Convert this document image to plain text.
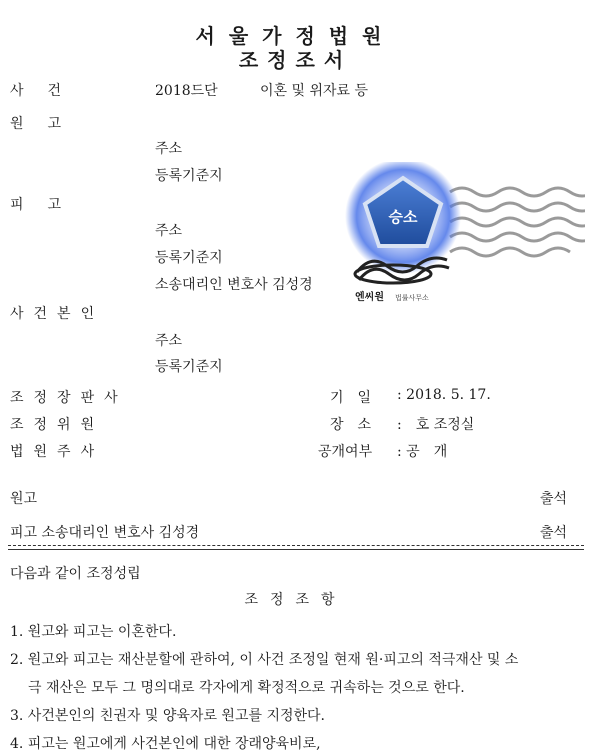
서울가정법원
조정조서
사건	2018드단	이혼 및 위자료 등
원고
주소
등록기준지
피고
주소
등록기준지
소송대리인 변호사 김성경
사건본인
주소
등록기준지
조정장판사
조정위원
법원주사
기　일 : 2018. 5. 17.
장　소 :　호 조정실
공개여부 : 공　개
원고	출석
피고 소송대리인 변호사 김성경	출석
다음과 같이 조정성립
조정조항
1. 원고와 피고는 이혼한다.
2. 원고와 피고는 재산분할에 관하여, 이 사건 조정일 현재 원·피고의 적극재산 및 소
극 재산은 모두 그 명의대로 각자에게 확정적으로 귀속하는 것으로 한다.
3. 사건본인의 친권자 및 양육자로 원고를 지정한다.
4. 피고는 원고에게 사건본인에 대한 장래양육비로,
승소
엔씨원 법률사무소
